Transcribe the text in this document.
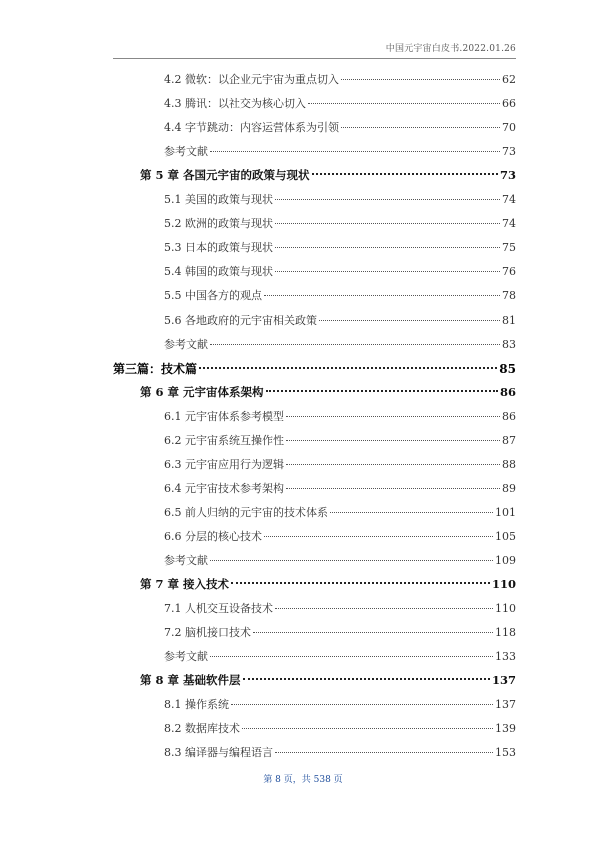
中国元宇宙白皮书.2022.01.26
4.2 微软：以企业元宇宙为重点切入	62
4.3 腾讯：以社交为核心切入	66
4.4 字节跳动：内容运营体系为引领	70
参考文献	73
第 5 章 各国元宇宙的政策与现状	73
5.1 美国的政策与现状	74
5.2 欧洲的政策与现状	74
5.3 日本的政策与现状	75
5.4 韩国的政策与现状	76
5.5 中国各方的观点	78
5.6 各地政府的元宇宙相关政策	81
参考文献	83
第三篇：技术篇	85
第 6 章 元宇宙体系架构	86
6.1 元宇宙体系参考模型	86
6.2 元宇宙系统互操作性	87
6.3 元宇宙应用行为逻辑	88
6.4 元宇宙技术参考架构	89
6.5 前人归纳的元宇宙的技术体系	101
6.6 分层的核心技术	105
参考文献	109
第 7 章 接入技术	110
7.1 人机交互设备技术	110
7.2 脑机接口技术	118
参考文献	133
第 8 章 基础软件层	137
8.1 操作系统	137
8.2 数据库技术	139
8.3 编译器与编程语言	153
第 8 页，共 538 页
